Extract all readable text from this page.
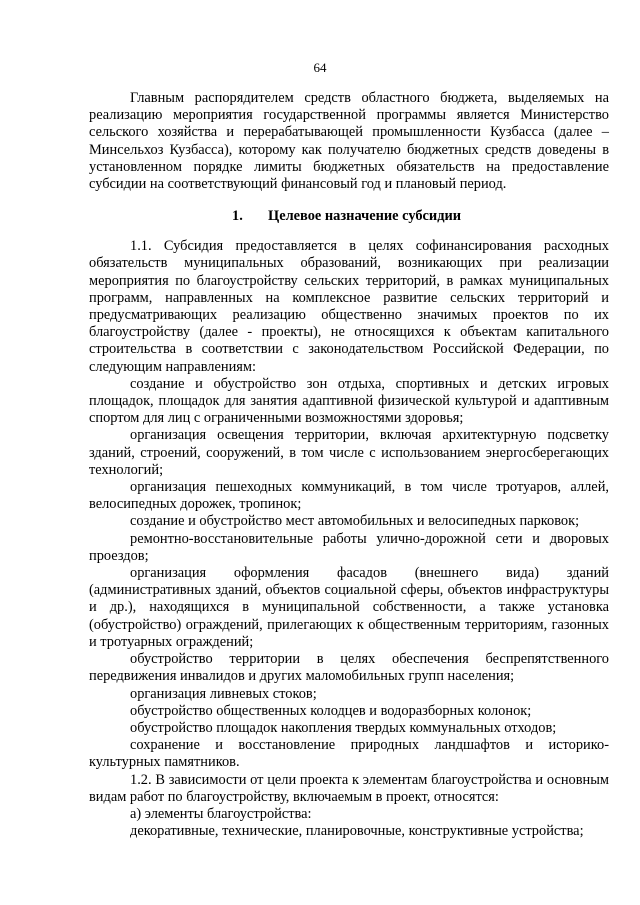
64

Главным распорядителем средств областного бюджета, выделяемых на реализацию мероприятия государственной программы является Министерство сельского хозяйства и перерабатывающей промышленности Кузбасса (далее – Минсельхоз Кузбасса), которому как получателю бюджетных средств доведены в установленном порядке лимиты бюджетных обязательств на предоставление субсидии на соответствующий финансовый год и плановый период.

1. Целевое назначение субсидии

1.1. Субсидия предоставляется в целях софинансирования расходных обязательств муниципальных образований, возникающих при реализации мероприятия по благоустройству сельских территорий, в рамках муниципальных программ, направленных на комплексное развитие сельских территорий и предусматривающих реализацию общественно значимых проектов по их благоустройству (далее - проекты), не относящихся к объектам капитального строительства в соответствии с законодательством Российской Федерации, по следующим направлениям:

создание и обустройство зон отдыха, спортивных и детских игровых площадок, площадок для занятия адаптивной физической культурой и адаптивным спортом для лиц с ограниченными возможностями здоровья;

организация освещения территории, включая архитектурную подсветку зданий, строений, сооружений, в том числе с использованием энергосберегающих технологий;

организация пешеходных коммуникаций, в том числе тротуаров, аллей, велосипедных дорожек, тропинок;

создание и обустройство мест автомобильных и велосипедных парковок;

ремонтно-восстановительные работы улично-дорожной сети и дворовых проездов;

организация оформления фасадов (внешнего вида) зданий (административных зданий, объектов социальной сферы, объектов инфраструктуры и др.), находящихся в муниципальной собственности, а также установка (обустройство) ограждений, прилегающих к общественным территориям, газонных и тротуарных ограждений;

обустройство территории в целях обеспечения беспрепятственного передвижения инвалидов и других маломобильных групп населения;

организация ливневых стоков;

обустройство общественных колодцев и водоразборных колонок;

обустройство площадок накопления твердых коммунальных отходов;

сохранение и восстановление природных ландшафтов и историко-культурных памятников.

1.2. В зависимости от цели проекта к элементам благоустройства и основным видам работ по благоустройству, включаемым в проект, относятся:

а) элементы благоустройства:

декоративные, технические, планировочные, конструктивные устройства;
